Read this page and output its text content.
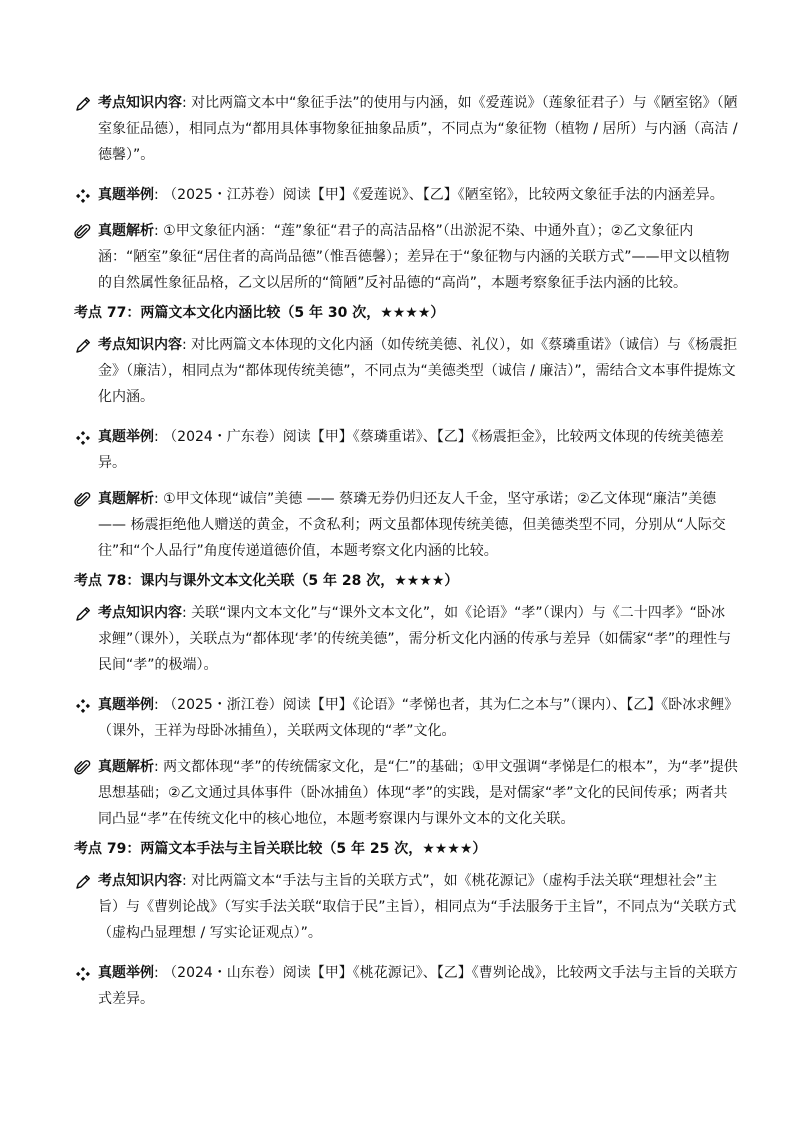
考点知识内容: 对比两篇文本中“象征手法”的使用与内涵，如《爱莲说》（莲象征君子）与《陋室铭》（陋室象征品德），相同点为“都用具体事物象征抽象品质”，不同点为“象征物（植物 / 居所）与内涵（高洁 / 德馨）”。
真题举例: （2025・江苏卷）阅读【甲】《爱莲说》、【乙】《陋室铭》，比较两文象征手法的内涵差异。
真题解析: ①甲文象征内涵：“莲”象征“君子的高洁品格”（出淤泥不染、中通外直）；②乙文象征内涵：“陋室”象征“居住者的高尚品德”（惟吾德馨）；差异在于“象征物与内涵的关联方式”——甲文以植物的自然属性象征品格，乙文以居所的“简陋”反衬品德的“高尚”，本题考察象征手法内涵的比较。
考点 77：两篇文本文化内涵比较（5 年 30 次，★★★★）
考点知识内容: 对比两篇文本体现的文化内涵（如传统美德、礼仪），如《蔡璘重诺》（诚信）与《杨震拒金》（廉洁），相同点为“都体现传统美德”，不同点为“美德类型（诚信 / 廉洁）”，需结合文本事件提炼文化内涵。
真题举例: （2024・广东卷）阅读【甲】《蔡璘重诺》、【乙】《杨震拒金》，比较两文体现的传统美德差异。
真题解析: ①甲文体现“诚信”美德 —— 蔡璘无券仍归还友人千金，坚守承诺；②乙文体现“廉洁”美德 —— 杨震拒绝他人赠送的黄金，不贪私利；两文虽都体现传统美德，但美德类型不同，分别从“人际交往”和“个人品行”角度传递道德价值，本题考察文化内涵的比较。
考点 78：课内与课外文本文化关联（5 年 28 次，★★★★）
考点知识内容: 关联“课内文本文化”与“课外文本文化”，如《论语》“孝”（课内）与《二十四孝》“卧冰求鲤”（课外），关联点为“都体现‘孝’的传统美德”，需分析文化内涵的传承与差异（如儒家“孝”的理性与民间“孝”的极端）。
真题举例: （2025・浙江卷）阅读【甲】《论语》“孝悌也者，其为仁之本与”（课内）、【乙】《卧冰求鲤》（课外，王祥为母卧冰捕鱼），关联两文体现的“孝”文化。
真题解析: 两文都体现“孝”的传统儒家文化，是“仁”的基础；①甲文强调“孝悌是仁的根本”，为“孝”提供思想基础；②乙文通过具体事件（卧冰捕鱼）体现“孝”的实践，是对儒家“孝”文化的民间传承；两者共同凸显“孝”在传统文化中的核心地位，本题考察课内与课外文本的文化关联。
考点 79：两篇文本手法与主旨关联比较（5 年 25 次，★★★★）
考点知识内容: 对比两篇文本“手法与主旨的关联方式”，如《桃花源记》（虚构手法关联“理想社会”主旨）与《曹刿论战》（写实手法关联“取信于民”主旨），相同点为“手法服务于主旨”，不同点为“关联方式（虚构凸显理想 / 写实论证观点）”。
真题举例: （2024・山东卷）阅读【甲】《桃花源记》、【乙】《曹刿论战》，比较两文手法与主旨的关联方式差异。
